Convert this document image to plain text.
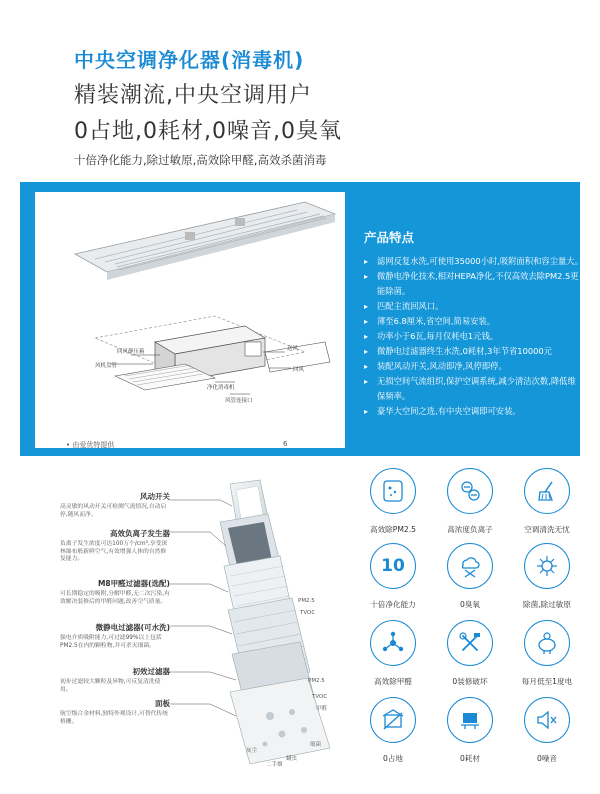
中央空调净化器(消毒机)
精装潮流,中央空调用户
0占地,0耗材,0噪音,0臭氧
十倍净化能力,除过敏原,高效除甲醛,高效杀菌消毒
回风静压箱
风机盘管
送风
回风
净化消毒机
风管连接口
• 由爱优特提供	6
产品特点
▸ 滤网反复水洗,可使用35000小时,吸附面积和容尘量大。
▸ 微静电净化技术,相对HEPA净化,不仅高效去除PM2.5更能除菌。
▸ 匹配主流回风口。
▸ 薄至6.8厘米,省空间,简易安装。
▸ 功率小于6瓦,每月仅耗电1元钱。
▸ 微静电过滤器终生水洗,0耗材,3年节省10000元
▸ 装配风动开关,风动即净,风停即停。
▸ 无损空间气流组织,保护空调系统,减少清洁次数,降低维保频率。
▸ 豪华大空间之选,有中央空调即可安装。
PM2.5
TVOC
PM2.5
TVOC
甲醛
灰尘
螨虫
细菌
二手烟
风动开关
高灵敏的风动开关可检测气流情况,自动启停,随风而净。
高效负离子发生器
负离子发生浓度可达100万个/cm³,享受深林瀑布般新鲜空气,有效增强人体的自然修复能力。
M8甲醛过滤器(选配)
可长期稳定的吸附,分解甲醛,无二次污染,有效解决装修后的甲醛问题,改善空气质量。
微静电过滤器(可水洗)
强电介质吸附能力,可过滤99%以上包括PM2.5在内的颗粒物,并可杀灭细菌。
初效过滤器
初步过滤较大颗粒及异物,可反复清洗使用。
面板
航空级合金材料,独特外观设计,可替代传统格栅。
高效除PM2.5	高浓度负离子	空调清洗无忧
10
十倍净化能力	0臭氧	除菌,除过敏原
高效除甲醛	0装修破坏	每月低至1度电
0占地	0耗材	0噪音
